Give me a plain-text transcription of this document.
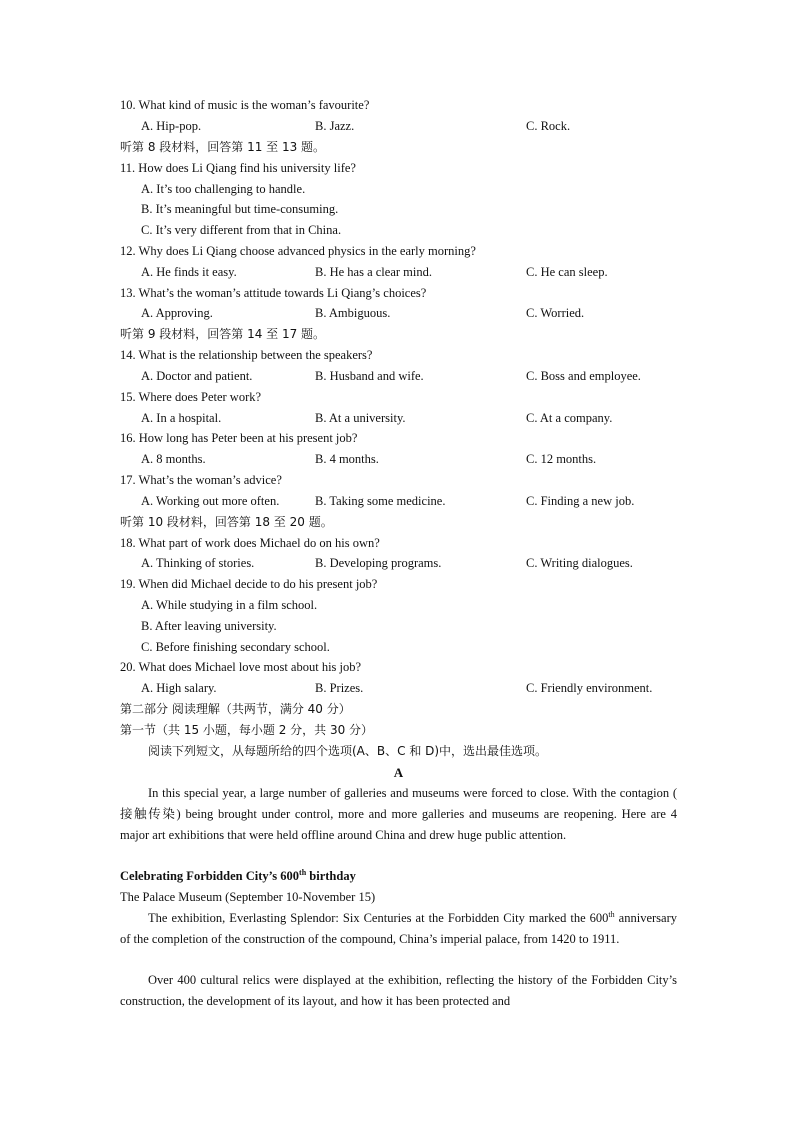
10. What kind of music is the woman’s favourite?
A. Hip-pop.	B. Jazz.	C. Rock.
听第 8 段材料，回答第 11 至 13 题。
11. How does Li Qiang find his university life?
A. It’s too challenging to handle.
B. It’s meaningful but time-consuming.
C. It’s very different from that in China.
12. Why does Li Qiang choose advanced physics in the early morning?
A. He finds it easy.	B. He has a clear mind.	C. He can sleep.
13. What’s the woman’s attitude towards Li Qiang’s choices?
A. Approving.	B. Ambiguous.	C. Worried.
听第 9 段材料，回答第 14 至 17 题。
14. What is the relationship between the speakers?
A. Doctor and patient.	B. Husband and wife.	C. Boss and employee.
15. Where does Peter work?
A. In a hospital.	B. At a university.	C. At a company.
16. How long has Peter been at his present job?
A. 8 months.	B. 4 months.	C. 12 months.
17. What’s the woman’s advice?
A. Working out more often.	B. Taking some medicine.	C. Finding a new job.
听第 10 段材料，回答第 18 至 20 题。
18. What part of work does Michael do on his own?
A. Thinking of stories.	B. Developing programs.	C. Writing dialogues.
19. When did Michael decide to do his present job?
A. While studying in a film school.
B. After leaving university.
C. Before finishing secondary school.
20. What does Michael love most about his job?
A. High salary.	B. Prizes.	C. Friendly environment.
第二部分 阅读理解（共两节，满分 40 分）
第一节（共 15 小题，每小题 2 分，共 30 分）
阅读下列短文，从每题所给的四个选项(A、B、C 和 D)中，选出最佳选项。
A
In this special year, a large number of galleries and museums were forced to close. With the contagion ( 接触传染) being brought under control, more and more galleries and museums are reopening. Here are 4 major art exhibitions that were held offline around China and drew huge public attention.
Celebrating Forbidden City’s 600th birthday
The Palace Museum (September 10-November 15)
The exhibition, Everlasting Splendor: Six Centuries at the Forbidden City marked the 600th anniversary of the completion of the construction of the compound, China’s imperial palace, from 1420 to 1911.
Over 400 cultural relics were displayed at the exhibition, reflecting the history of the Forbidden City’s construction, the development of its layout, and how it has been protected and
